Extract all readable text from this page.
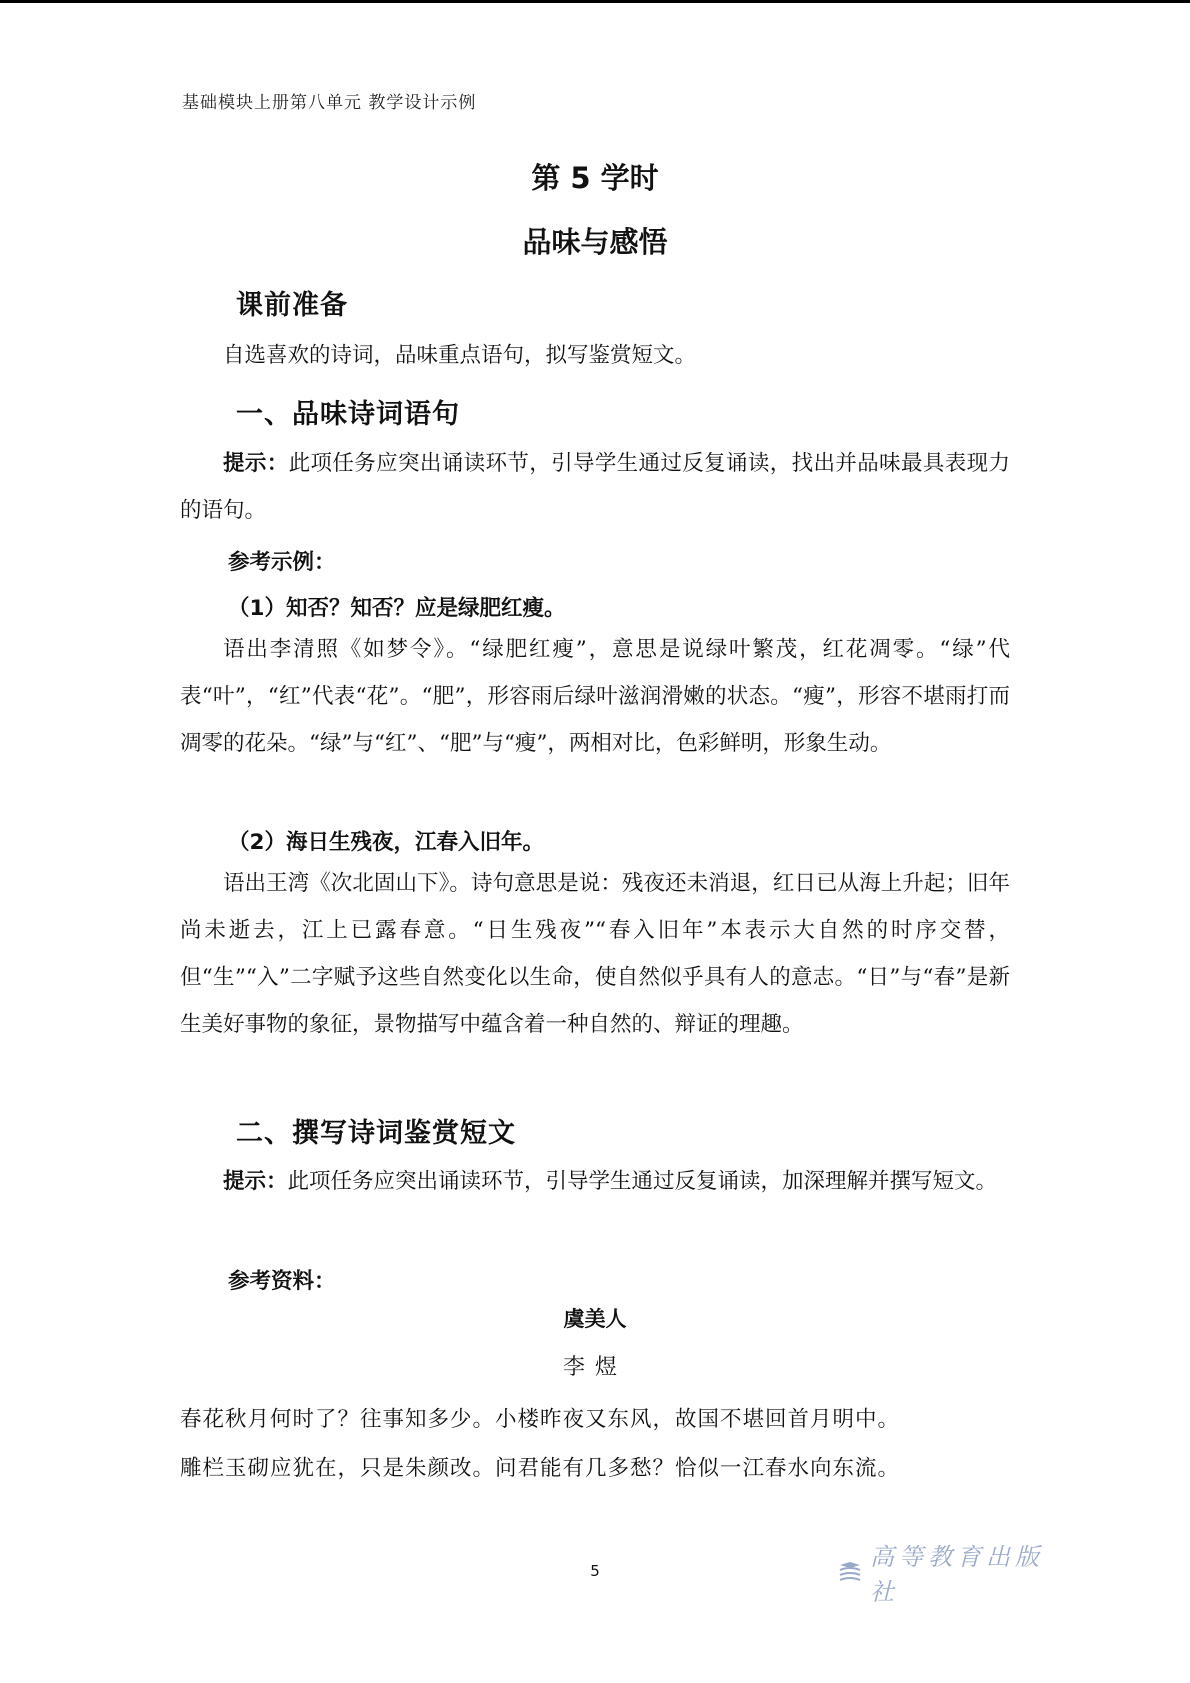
基础模块上册第八单元 教学设计示例
第 5 学时
品味与感悟
课前准备
自选喜欢的诗词，品味重点语句，拟写鉴赏短文。
一、品味诗词语句
提示：此项任务应突出诵读环节，引导学生通过反复诵读，找出并品味最具表现力的语句。
参考示例：
（1）知否？知否？应是绿肥红瘦。
语出李清照《如梦令》。“绿肥红瘦”，意思是说绿叶繁茂，红花凋零。“绿”代表“叶”，“红”代表“花”。“肥”，形容雨后绿叶滋润滑嫩的状态。“瘦”，形容不堪雨打而凋零的花朵。“绿”与“红”、“肥”与“瘦”，两相对比，色彩鲜明，形象生动。
（2）海日生残夜，江春入旧年。
语出王湾《次北固山下》。诗句意思是说：残夜还未消退，红日已从海上升起；旧年尚未逝去，江上已露春意。“日生残夜”“春入旧年”本表示大自然的时序交替，但“生”“入”二字赋予这些自然变化以生命，使自然似乎具有人的意志。“日”与“春”是新生美好事物的象征，景物描写中蕴含着一种自然的、辩证的理趣。
二、撰写诗词鉴赏短文
提示：此项任务应突出诵读环节，引导学生通过反复诵读，加深理解并撰写短文。
参考资料：
虞美人
李煜
春花秋月何时了？往事知多少。小楼昨夜又东风，故国不堪回首月明中。
雕栏玉砌应犹在，只是朱颜改。问君能有几多愁？恰似一江春水向东流。
5	高等教育出版社
